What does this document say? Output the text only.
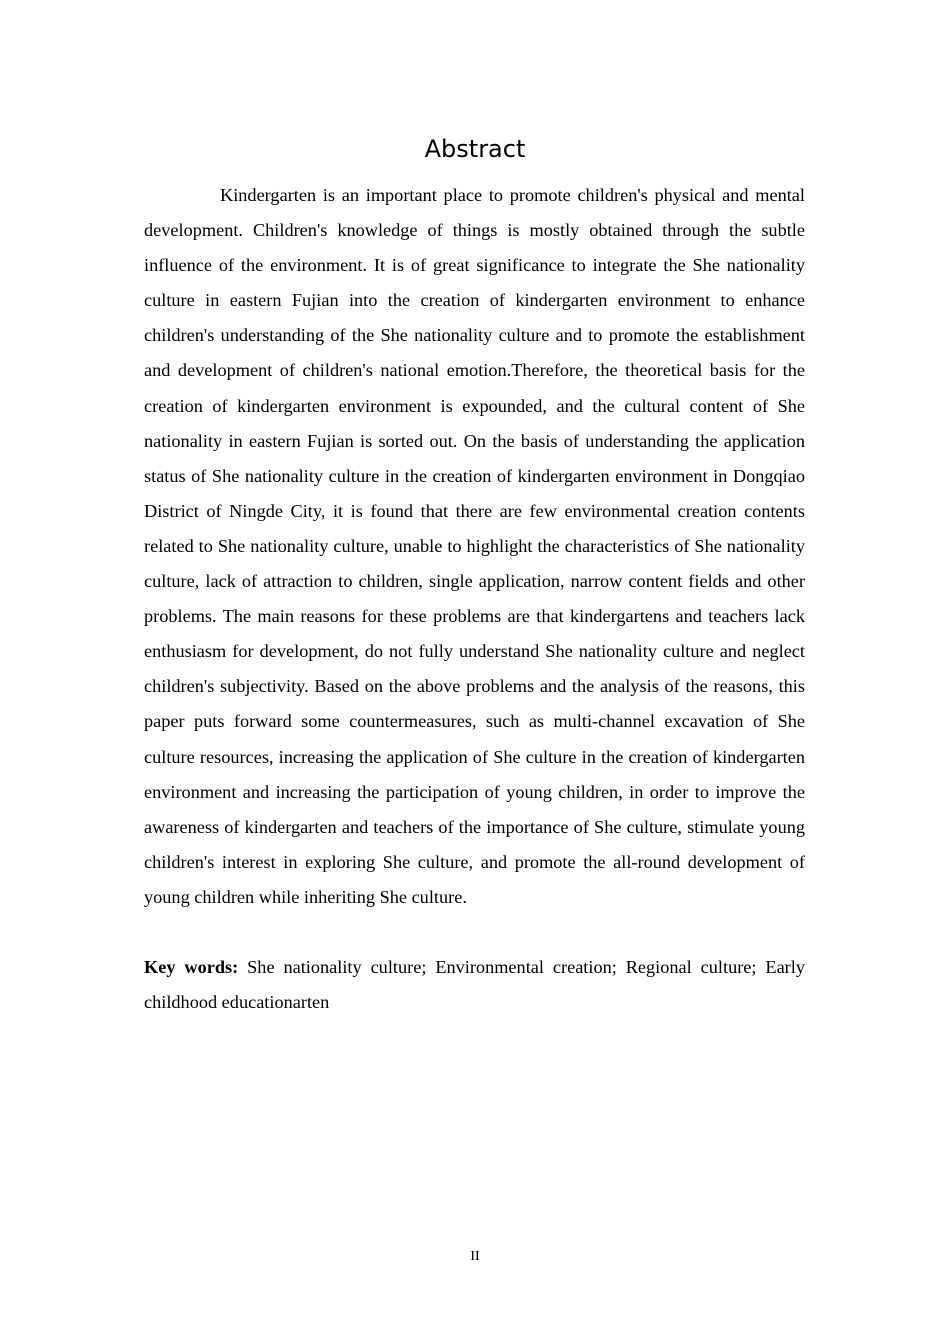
Abstract

Kindergarten is an important place to promote children's physical and mental development. Children's knowledge of things is mostly obtained through the subtle influence of the environment. It is of great significance to integrate the She nationality culture in eastern Fujian into the creation of kindergarten environment to enhance children's understanding of the She nationality culture and to promote the establishment and development of children's national emotion.Therefore, the theoretical basis for the creation of kindergarten environment is expounded, and the cultural content of She nationality in eastern Fujian is sorted out. On the basis of understanding the application status of She nationality culture in the creation of kindergarten environment in Dongqiao District of Ningde City, it is found that there are few environmental creation contents related to She nationality culture, unable to highlight the characteristics of She nationality culture, lack of attraction to children, single application, narrow content fields and other problems. The main reasons for these problems are that kindergartens and teachers lack enthusiasm for development, do not fully understand She nationality culture and neglect children's subjectivity. Based on the above problems and the analysis of the reasons, this paper puts forward some countermeasures, such as multi-channel excavation of She culture resources, increasing the application of She culture in the creation of kindergarten environment and increasing the participation of young children, in order to improve the awareness of kindergarten and teachers of the importance of She culture, stimulate young children's interest in exploring She culture, and promote the all-round development of young children while inheriting She culture.

Key words: She nationality culture; Environmental creation; Regional culture; Early childhood educationarten

II
